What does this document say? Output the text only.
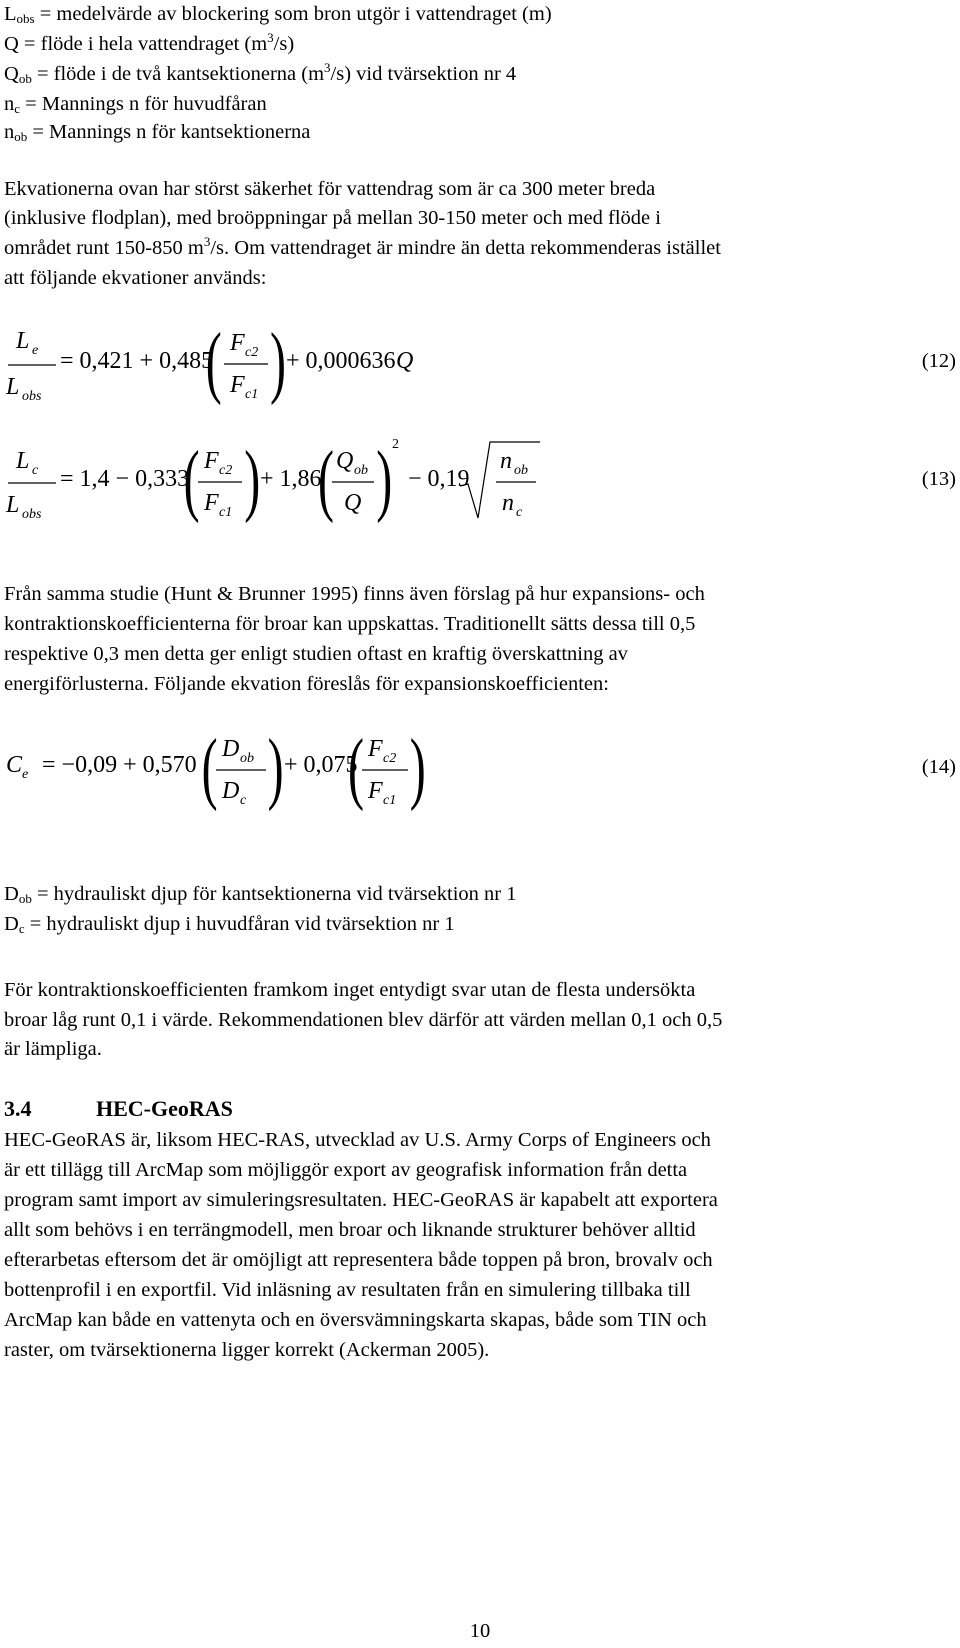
$L_{obs}$ = medelvärde av blockering som bron utgör i vattendraget (m)
Q = flöde i hela vattendraget $(m^3/s)$
$Q_{ob}$ = flöde i de två kantsektionerna $(m^3/s)$ vid tvärsektion nr 4
$n_c$ = Mannings n för huvudfåran
$n_{ob}$ = Mannings n för kantsektionerna
Ekvationerna ovan har störst säkerhet för vattendrag som är ca 300 meter breda
(inklusive flodplan), med broöppningar på mellan 30-150 meter och med flöde i
området runt 150-850 $m^3/s$. Om vattendraget är mindre än detta rekommenderas istället
att följande ekvationer används:
L e
L obs
= 0,421 + 0,485
( F c2
F c1 ) + 0,000636 Q	(12)
L c
L obs
= 1,4 − 0,333
( F c2
F c1 ) + 1,86
( Q ob
Q ) 2
− 0,19
n ob
n c
(13)
Från samma studie (Hunt & Brunner 1995) finns även förslag på hur expansions- och
kontraktionskoefficienterna för broar kan uppskattas. Traditionellt sätts dessa till 0,5
respektive 0,3 men detta ger enligt studien oftast en kraftig överskattning av
energiförlusterna. Följande ekvation föreslås för expansionskoefficienten:
C e = −0,09 + 0,570 ( D ob
D c ) + 0,075
( F c2
F c1 )	(14)
$D_{ob}$ = hydrauliskt djup för kantsektionerna vid tvärsektion nr 1
$D_c$ = hydrauliskt djup i huvudfåran vid tvärsektion nr 1
För kontraktionskoefficienten framkom inget entydigt svar utan de flesta undersökta
broar låg runt 0,1 i värde. Rekommendationen blev därför att värden mellan 0,1 och 0,5
är lämpliga.
3.4	HEC-GeoRAS
HEC-GeoRAS är, liksom HEC-RAS, utvecklad av U.S. Army Corps of Engineers och
är ett tillägg till ArcMap som möjliggör export av geografisk information från detta
program samt import av simuleringsresultaten. HEC-GeoRAS är kapabelt att exportera
allt som behövs i en terrängmodell, men broar och liknande strukturer behöver alltid
efterarbetas eftersom det är omöjligt att representera både toppen på bron, brovalv och
bottenprofil i en exportfil. Vid inläsning av resultaten från en simulering tillbaka till
ArcMap kan både en vattenyta och en översvämningskarta skapas, både som TIN och
raster, om tvärsektionerna ligger korrekt (Ackerman 2005).
10
